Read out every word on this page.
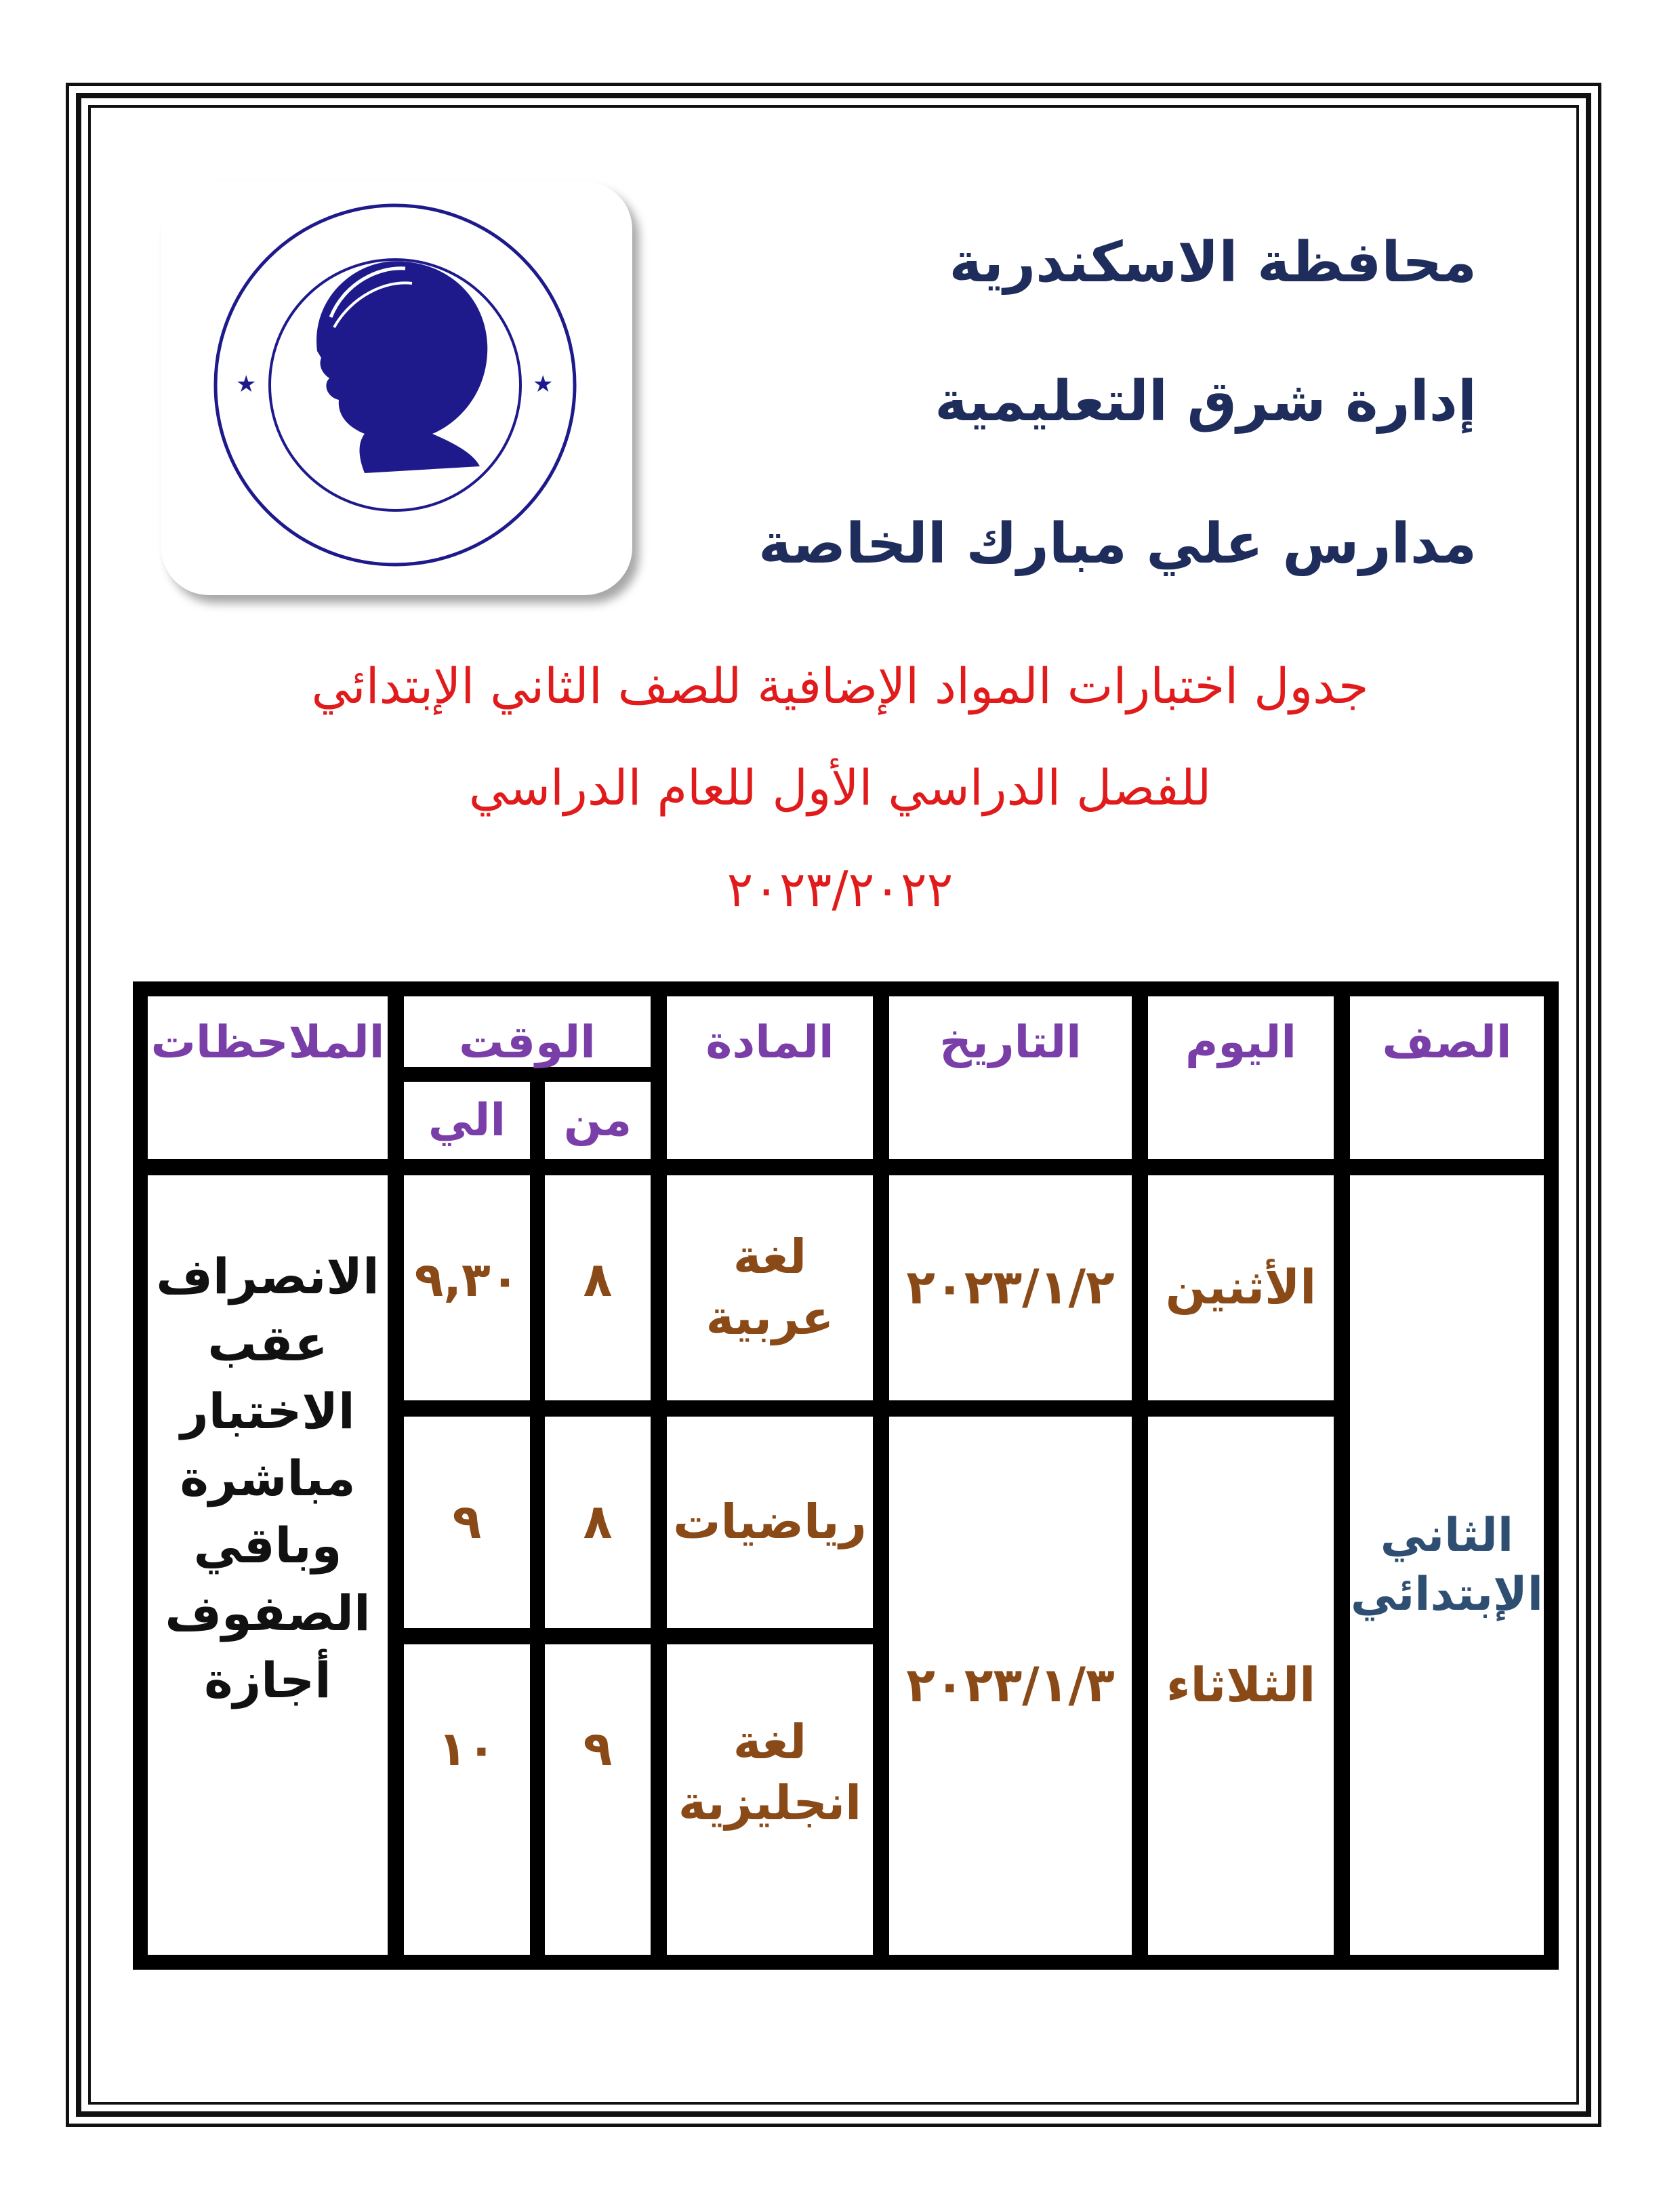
★	★
محافظة الاسكندرية
إدارة شرق التعليمية
مدارس علي مبارك الخاصة
جدول اختبارات المواد الإضافية للصف الثاني الإبتدائي
للفصل الدراسي الأول للعام الدراسي
٢٠٢٣/٢٠٢٢
الصف
اليوم
التاريخ
المادة
الوقت
من
الي
الملاحظات
الثاني الإبتدائي
الأثنين
٢٠٢٣/١/٢
الثلاثاء
٢٠٢٣/١/٣
لغة عربية
٨
٩,٣٠
رياضيات
٨
٩
لغة انجليزية
٩
١٠
الانصراف عقب الاختبار مباشرة وباقي الصفوف أجازة
